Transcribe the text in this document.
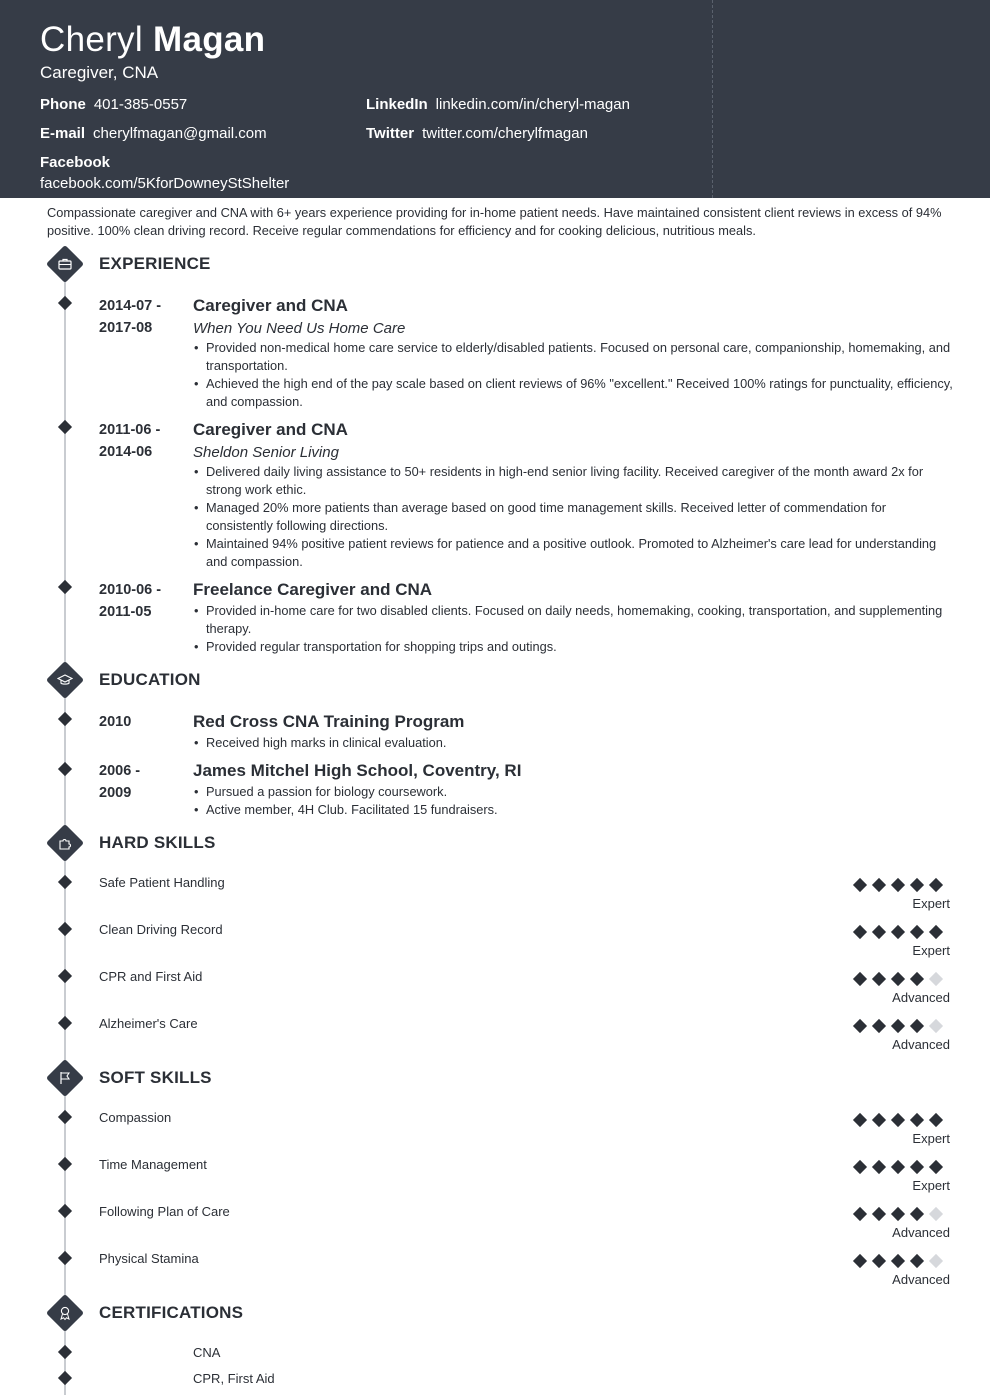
Cheryl Magan
Caregiver, CNA
Phone 401-385-0557
E-mail cherylfmagan@gmail.com
LinkedIn linkedin.com/in/cheryl-magan
Twitter twitter.com/cherylfmagan
Facebook
facebook.com/5KforDowneyStShelter
Compassionate caregiver and CNA with 6+ years experience providing for in-home patient needs. Have maintained consistent client reviews in excess of 94% positive. 100% clean driving record. Receive regular commendations for efficiency and for cooking delicious, nutritious meals.
EXPERIENCE
2014-07 -
2017-08
Caregiver and CNA
When You Need Us Home Care
• Provided non-medical home care service to elderly/disabled patients. Focused on personal care, companionship, homemaking, and transportation.
• Achieved the high end of the pay scale based on client reviews of 96% "excellent." Received 100% ratings for punctuality, efficiency, and compassion.
2011-06 -
2014-06
Caregiver and CNA
Sheldon Senior Living
• Delivered daily living assistance to 50+ residents in high-end senior living facility. Received caregiver of the month award 2x for strong work ethic.
• Managed 20% more patients than average based on good time management skills. Received letter of commendation for consistently following directions.
• Maintained 94% positive patient reviews for patience and a positive outlook. Promoted to Alzheimer's care lead for understanding and compassion.
2010-06 -
2011-05
Freelance Caregiver and CNA
• Provided in-home care for two disabled clients. Focused on daily needs, homemaking, cooking, transportation, and supplementing therapy.
• Provided regular transportation for shopping trips and outings.
EDUCATION
2010	Red Cross CNA Training Program
• Received high marks in clinical evaluation.
2006 -
2009
James Mitchel High School, Coventry, RI
• Pursued a passion for biology coursework.
• Active member, 4H Club. Facilitated 15 fundraisers.
HARD SKILLS
Safe Patient Handling
Expert
Clean Driving Record
Expert
CPR and First Aid
Advanced
Alzheimer's Care
Advanced
SOFT SKILLS
Compassion
Expert
Time Management
Expert
Following Plan of Care
Advanced
Physical Stamina
Advanced
CERTIFICATIONS
CNA
CPR, First Aid
